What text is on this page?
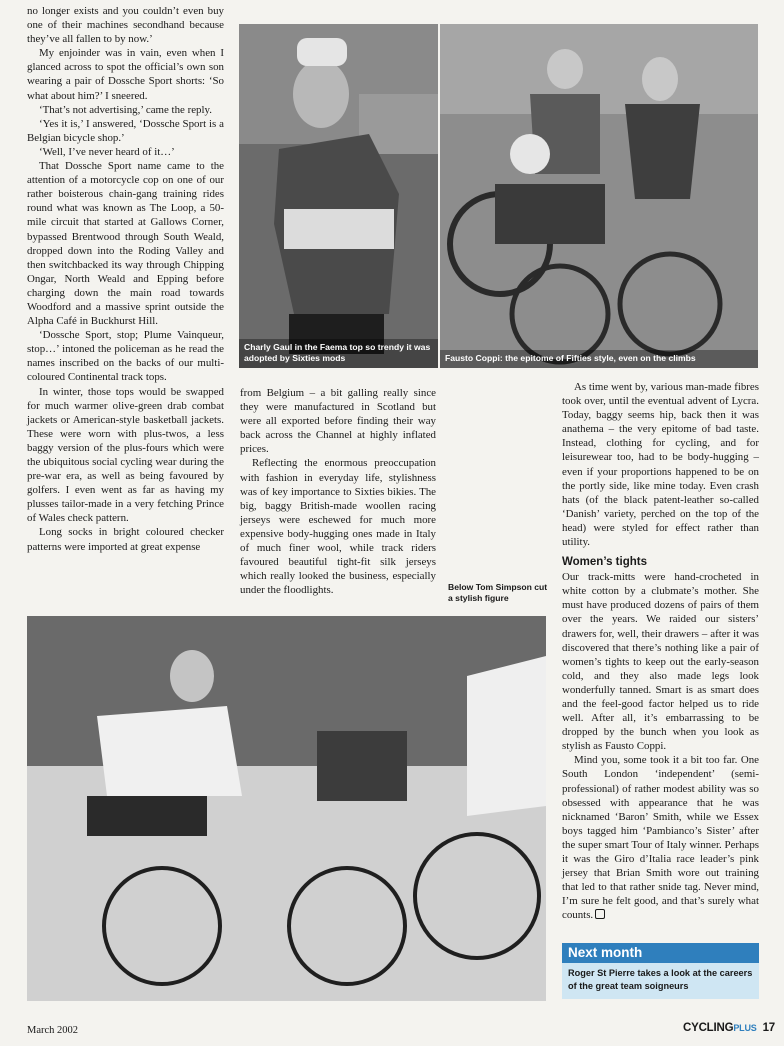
no longer exists and you couldn’t even buy one of their machines secondhand because they’ve all fallen to by now.’

My enjoinder was in vain, even when I glanced across to spot the official’s own son wearing a pair of Dossche Sport shorts: ‘So what about him?’ I sneered.

‘That’s not advertising,’ came the reply.

‘Yes it is,’ I answered, ‘Dossche Sport is a Belgian bicycle shop.’

‘Well, I’ve never heard of it…’

That Dossche Sport name came to the attention of a motorcycle cop on one of our rather boisterous chain-gang training rides round what was known as The Loop, a 50-mile circuit that started at Gallows Corner, bypassed Brentwood through South Weald, dropped down into the Roding Valley and then switchbacked its way through Chipping Ongar, North Weald and Epping before charging down the main road towards Woodford and a massive sprint outside the Alpha Café in Buckhurst Hill.

‘Dossche Sport, stop; Plume Vainqueur, stop…’ intoned the policeman as he read the names inscribed on the backs of our multi-coloured Continental track tops.

In winter, those tops would be swapped for much warmer olive-green drab combat jackets or American-style basketball jackets. These were worn with plus-twos, a less baggy version of the plus-fours which were the ubiquitous social cycling wear during the pre-war era, as well as being favoured by golfers. I even went as far as having my plusses tailor-made in a very fetching Prince of Wales check pattern.

Long socks in bright coloured checker patterns were imported at great expense

Charly Gaul in the Faema top so trendy it was adopted by Sixties mods	Fausto Coppi: the epitome of Fifties style, even on the climbs

from Belgium – a bit galling really since they were manufactured in Scotland but were all exported before finding their way back across the Channel at highly inflated prices.

Reflecting the enormous preoccupation with fashion in everyday life, stylishness was of key importance to Sixties bikies. The big, baggy British-made woollen racing jerseys were eschewed for much more expensive body-hugging ones made in Italy of much finer wool, while track riders favoured beautiful tight-fit silk jerseys which really looked the business, especially under the floodlights.

As time went by, various man-made fibres took over, until the eventual advent of Lycra. Today, baggy seems hip, back then it was anathema – the very epitome of bad taste. Instead, clothing for cycling, and for leisurewear too, had to be body-hugging – even if your proportions happened to be on the portly side, like mine today. Even crash hats (of the black patent-leather so-called ‘Danish’ variety, perched on the top of the head) were styled for effect rather than utility.

Women’s tights

Our track-mitts were hand-crocheted in white cotton by a clubmate’s mother. She must have produced dozens of pairs of them over the years. We raided our sisters’ drawers for, well, their drawers – after it was discovered that there’s nothing like a pair of women’s tights to keep out the early-season cold, and they also made legs look wonderfully tanned. Smart is as smart does and the feel-good factor helped us to ride well. After all, it’s embarrassing to be dropped by the bunch when you look as stylish as Fausto Coppi.

Mind you, some took it a bit too far. One South London ‘independent’ (semi-professional) of rather modest ability was so obsessed with appearance that he was nicknamed ‘Baron’ Smith, while we Essex boys tagged him ‘Pambianco’s Sister’ after the super smart Tour of Italy winner. Perhaps it was the Giro d’Italia race leader’s pink jersey that Brian Smith wore out training that led to that rather snide tag. Never mind, I’m sure he felt good, and that’s surely what counts.

Below Tom Simpson cut a stylish figure
Next month
Roger St Pierre takes a look at the careers of the great team soigneurs
March 2002	CYCLINGPLUS 17
